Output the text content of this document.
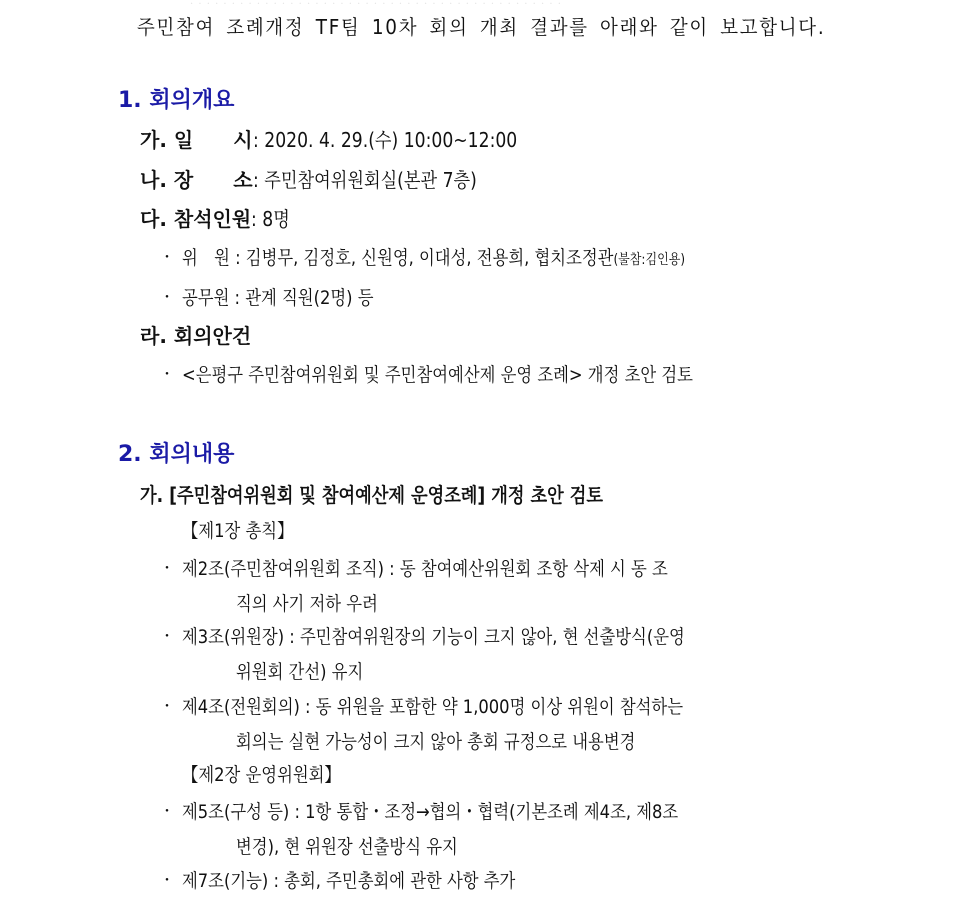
. . . . . . . . . . . . . . . . . . . . . . . . . . . . . . . . . . . . . . . . . . . . .
주민참여 조례개정 TF팀 10차 회의 개최 결과를 아래와 같이 보고합니다.
1. 회의개요
가. 일　　시: 2020. 4. 29.(수) 10:00~12:00
나. 장　　소: 주민참여위원회실(본관 7층)
다. 참석인원: 8명
・ 위　원 : 김병무, 김정호, 신원영, 이대성, 전용희, 협치조정관(불참:김인용)
・ 공무원 : 관계 직원(2명) 등
라. 회의안건
・ <은평구 주민참여위원회 및 주민참여예산제 운영 조례> 개정 초안 검토
2. 회의내용
가. [주민참여위원회 및 참여예산제 운영조례] 개정 초안 검토
【제1장 총칙】
・ 제2조(주민참여위원회 조직) : 동 참여예산위원회 조항 삭제 시 동 조
직의 사기 저하 우려
・ 제3조(위원장) : 주민참여위원장의 기능이 크지 않아, 현 선출방식(운영
위원회 간선) 유지
・ 제4조(전원회의) : 동 위원을 포함한 약 1,000명 이상 위원이 참석하는
회의는 실현 가능성이 크지 않아 총회 규정으로 내용변경
【제2장 운영위원회】
・ 제5조(구성 등) : 1항 통합・조정→협의・협력(기본조례 제4조, 제8조
변경), 현 위원장 선출방식 유지
・ 제7조(기능) : 총회, 주민총회에 관한 사항 추가
